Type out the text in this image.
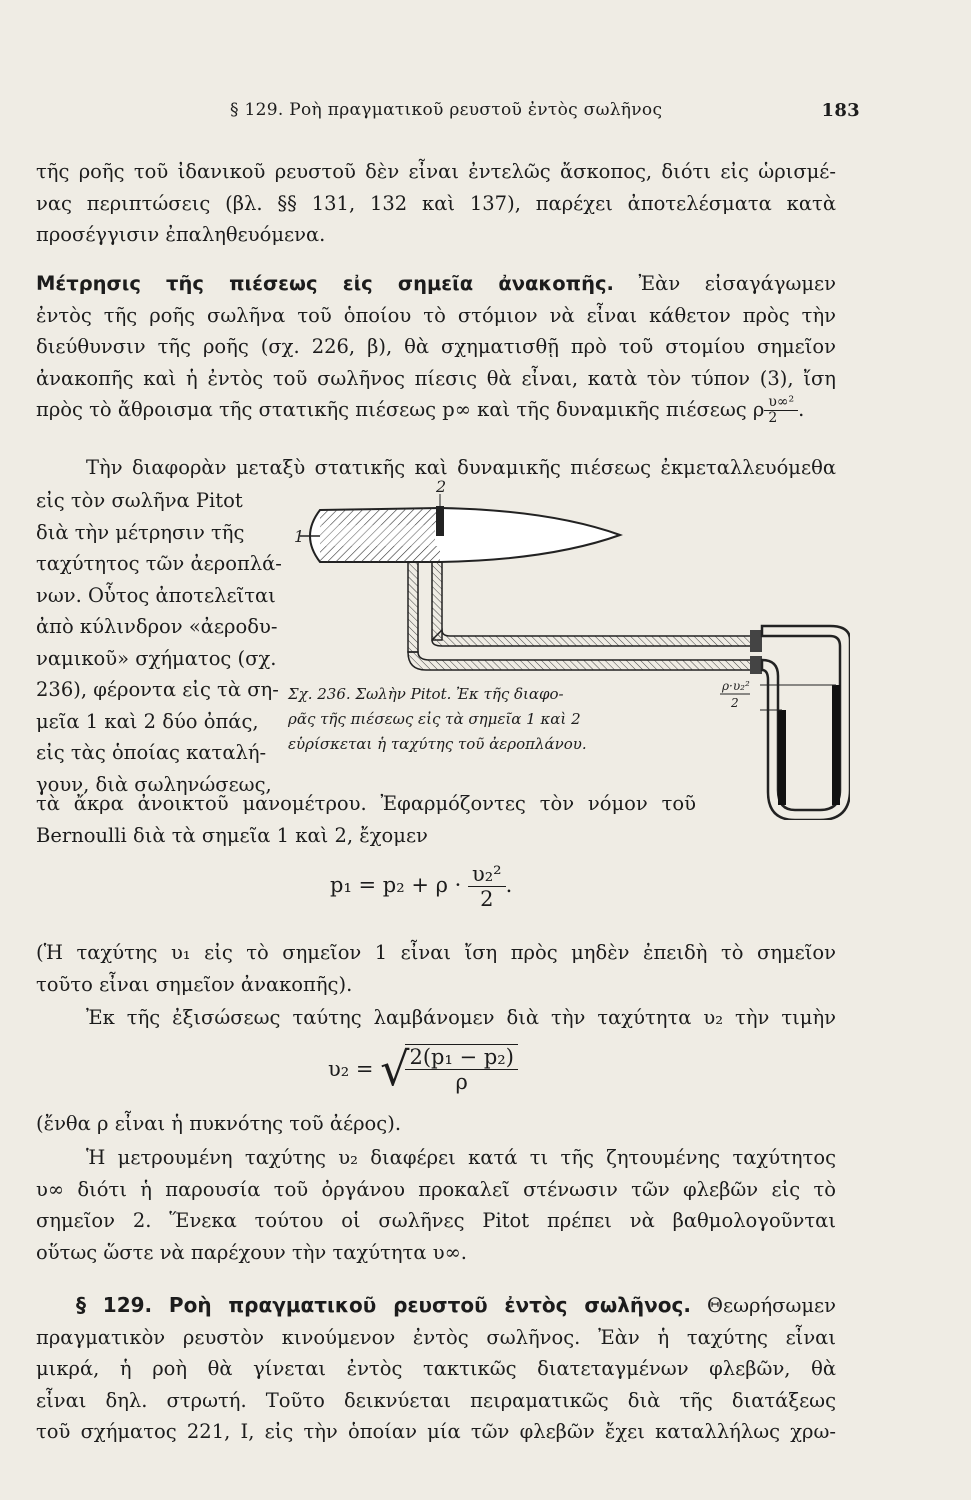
§ 129. Ροὴ πραγματικοῦ ρευστοῦ ἐντὸς σωλῆνος	183
τῆς ροῆς τοῦ ἰδανικοῦ ρευστοῦ δὲν εἶναι ἐντελῶς ἄσκοπος, διότι εἰς ὡρισμέ-
νας περιπτώσεις (βλ. §§ 131, 132 καὶ 137), παρέχει ἀποτελέσματα κατὰ
προσέγγισιν ἐπαληθευόμενα.
Μέτρησις τῆς πιέσεως εἰς σημεῖα ἀνακοπῆς. Ἐὰν εἰσαγάγωμεν
ἐντὸς τῆς ροῆς σωλῆνα τοῦ ὁποίου τὸ στόμιον νὰ εἶναι κάθετον πρὸς τὴν
διεύθυνσιν τῆς ροῆς (σχ. 226, β), θὰ σχηματισθῇ πρὸ τοῦ στομίου σημεῖον
ἀνακοπῆς καὶ ἡ ἐντὸς τοῦ σωλῆνος πίεσις θὰ εἶναι, κατὰ τὸν τύπον (3), ἴση
πρὸς τὸ ἄθροισμα τῆς στατικῆς πιέσεως p∞ καὶ τῆς δυναμικῆς πιέσεως ρ $\frac{\text{υ∞²}}{2}$ .
Τὴν διαφορὰν μεταξὺ στατικῆς καὶ δυναμικῆς πιέσεως ἐκμεταλλευόμεθα
εἰς τὸν σωλῆνα Pitot
διὰ τὴν μέτρησιν τῆς
ταχύτητος τῶν ἀεροπλά-
νων. Οὗτος ἀποτελεῖται
ἀπὸ κύλινδρον «ἀεροδυ-
ναμικοῦ» σχήματος (σχ.
236), φέροντα εἰς τὰ ση-
μεῖα 1 καὶ 2 δύο ὀπάς,
εἰς τὰς ὁποίας καταλή-
γουν, διὰ σωληνώσεως,
1
2
ρ·υ₂²
2
Σχ. 236. Σωλὴν Pitot. Ἐκ τῆς διαφο-
ρᾶς τῆς πιέσεως εἰς τὰ σημεῖα 1 καὶ 2
εὑρίσκεται ἡ ταχύτης τοῦ ἀεροπλάνου.
τὰ ἄκρα ἀνοικτοῦ μανομέτρου. Ἐφαρμόζοντες τὸν νόμον τοῦ
Bernoulli διὰ τὰ σημεῖα 1 καὶ 2, ἔχομεν
$p_1 = p_2 + \rho \cdot \frac{\text{υ₂²}}{2}$ .
(Ἡ ταχύτης υ₁ εἰς τὸ σημεῖον 1 εἶναι ἴση πρὸς μηδὲν ἐπειδὴ τὸ σημεῖον
τοῦτο εἶναι σημεῖον ἀνακοπῆς).
Ἐκ τῆς ἐξισώσεως ταύτης λαμβάνομεν διὰ τὴν ταχύτητα υ₂ τὴν τιμὴν
υ₂ = √
$\frac{\text{2(p₁ − p₂)}}{\rho}$
(ἔνθα ρ εἶναι ἡ πυκνότης τοῦ ἀέρος).
Ἡ μετρουμένη ταχύτης υ₂ διαφέρει κατά τι τῆς ζητουμένης ταχύτητος
υ∞ διότι ἡ παρουσία τοῦ ὀργάνου προκαλεῖ στένωσιν τῶν φλεβῶν εἰς τὸ
σημεῖον 2. Ἕνεκα τούτου οἱ σωλῆνες Pitot πρέπει νὰ βαθμολογοῦνται
οὕτως ὥστε νὰ παρέχουν τὴν ταχύτητα υ∞.
§ 129. Ροὴ πραγματικοῦ ρευστοῦ ἐντὸς σωλῆνος. Θεωρήσωμεν
πραγματικὸν ρευστὸν κινούμενον ἐντὸς σωλῆνος. Ἐὰν ἡ ταχύτης εἶναι
μικρά, ἡ ροὴ θὰ γίνεται ἐντὸς τακτικῶς διατεταγμένων φλεβῶν, θὰ
εἶναι δηλ. στρωτή. Τοῦτο δεικνύεται πειραματικῶς διὰ τῆς διατάξεως
τοῦ σχήματος 221, I, εἰς τὴν ὁποίαν μία τῶν φλεβῶν ἔχει καταλλήλως χρω-
